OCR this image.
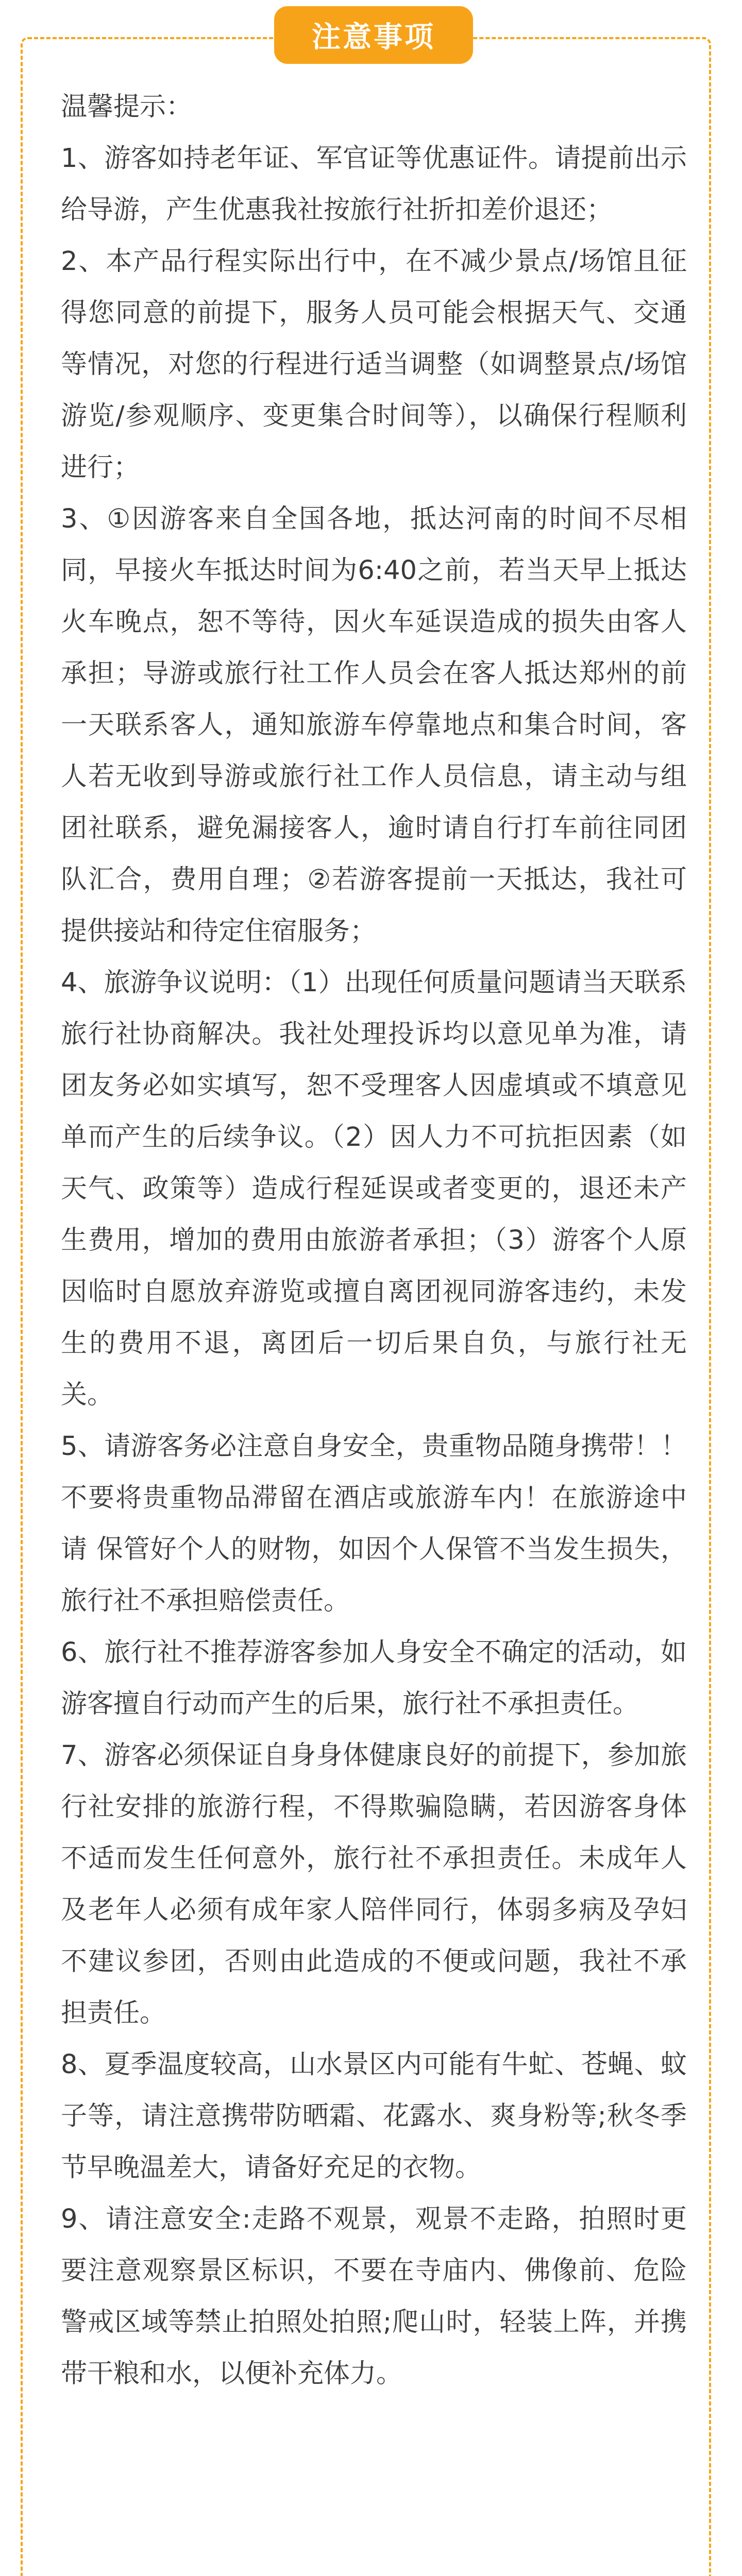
注意事项

温馨提示：

1、游客如持老年证、军官证等优惠证件。请提前出示给导游，产生优惠我社按旅行社折扣差价退还；

2、本产品行程实际出行中，在不减少景点/场馆且征得您同意的前提下，服务人员可能会根据天气、交通等情况，对您的行程进行适当调整（如调整景点/场馆游览/参观顺序、变更集合时间等），以确保行程顺利进行；

3、①因游客来自全国各地，抵达河南的时间不尽相同，早接火车抵达时间为6:40之前，若当天早上抵达火车晚点，恕不等待，因火车延误造成的损失由客人承担；导游或旅行社工作人员会在客人抵达郑州的前一天联系客人，通知旅游车停靠地点和集合时间，客人若无收到导游或旅行社工作人员信息，请主动与组团社联系，避免漏接客人，逾时请自行打车前往同团队汇合，费用自理；②若游客提前一天抵达，我社可提供接站和待定住宿服务；

4、旅游争议说明：（1）出现任何质量问题请当天联系旅行社协商解决。我社处理投诉均以意见单为准，请团友务必如实填写，恕不受理客人因虚填或不填意见单而产生的后续争议。（2）因人力不可抗拒因素（如天气、政策等）造成行程延误或者变更的，退还未产生费用，增加的费用由旅游者承担；（3）游客个人原因临时自愿放弃游览或擅自离团视同游客违约，未发生的费用不退，离团后一切后果自负，与旅行社无关。

5、请游客务必注意自身安全，贵重物品随身携带！！不要将贵重物品滞留在酒店或旅游车内！在旅游途中请 保管好个人的财物，如因个人保管不当发生损失，旅行社不承担赔偿责任。

6、旅行社不推荐游客参加人身安全不确定的活动，如游客擅自行动而产生的后果，旅行社不承担责任。

7、游客必须保证自身身体健康良好的前提下，参加旅行社安排的旅游行程，不得欺骗隐瞒，若因游客身体 不适而发生任何意外，旅行社不承担责任。未成年人及老年人必须有成年家人陪伴同行，体弱多病及孕妇不建议参团，否则由此造成的不便或问题，我社不承担责任。

8、夏季温度较高，山水景区内可能有牛虻、苍蝇、蚊子等，请注意携带防晒霜、花露水、爽身粉等;秋冬季节早晚温差大，请备好充足的衣物。

9、请注意安全:走路不观景，观景不走路，拍照时更要注意观察景区标识，不要在寺庙内、佛像前、危险警戒区域等禁止拍照处拍照;爬山时，轻装上阵，并携带干粮和水，以便补充体力。
